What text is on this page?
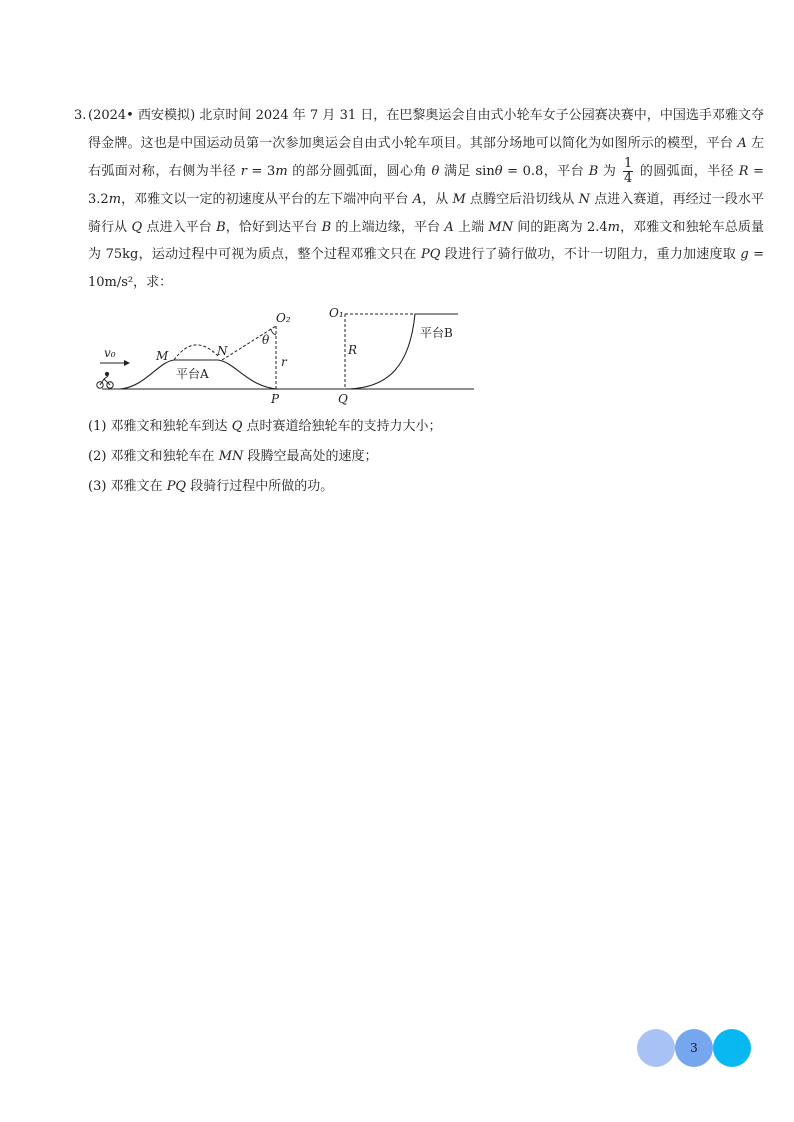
3. (2024• 西安模拟) 北京时间 2024 年 7 月 31 日，在巴黎奥运会自由式小轮车女子公园赛决赛中，中国选手邓雅文夺得金牌。这也是中国运动员第一次参加奥运会自由式小轮车项目。其部分场地可以简化为如图所示的模型，平台 A 左右弧面对称，右侧为半径 r = 3m 的部分圆弧面，圆心角 θ 满足 sinθ = 0.8，平台 B 为 $\frac{1}{4}$ 的圆弧面，半径 R = 3.2m，邓雅文以一定的初速度从平台的左下端冲向平台 A，从 M 点腾空后沿切线从 N 点进入赛道，再经过一段水平骑行从 Q 点进入平台 B，恰好到达平台 B 的上端边缘，平台 A 上端 MN 间的距离为 2.4m，邓雅文和独轮车总质量为 75kg，运动过程中可视为质点，整个过程邓雅文只在 PQ 段进行了骑行做功，不计一切阻力，重力加速度取 g = 10m/s²，求：
v₀	M	N
O₂
θ
r
平台A
P
O₁
R
Q
平台B
(1) 邓雅文和独轮车到达 Q 点时赛道给独轮车的支持力大小；
(2) 邓雅文和独轮车在 MN 段腾空最高处的速度；
(3) 邓雅文在 PQ 段骑行过程中所做的功。
3
